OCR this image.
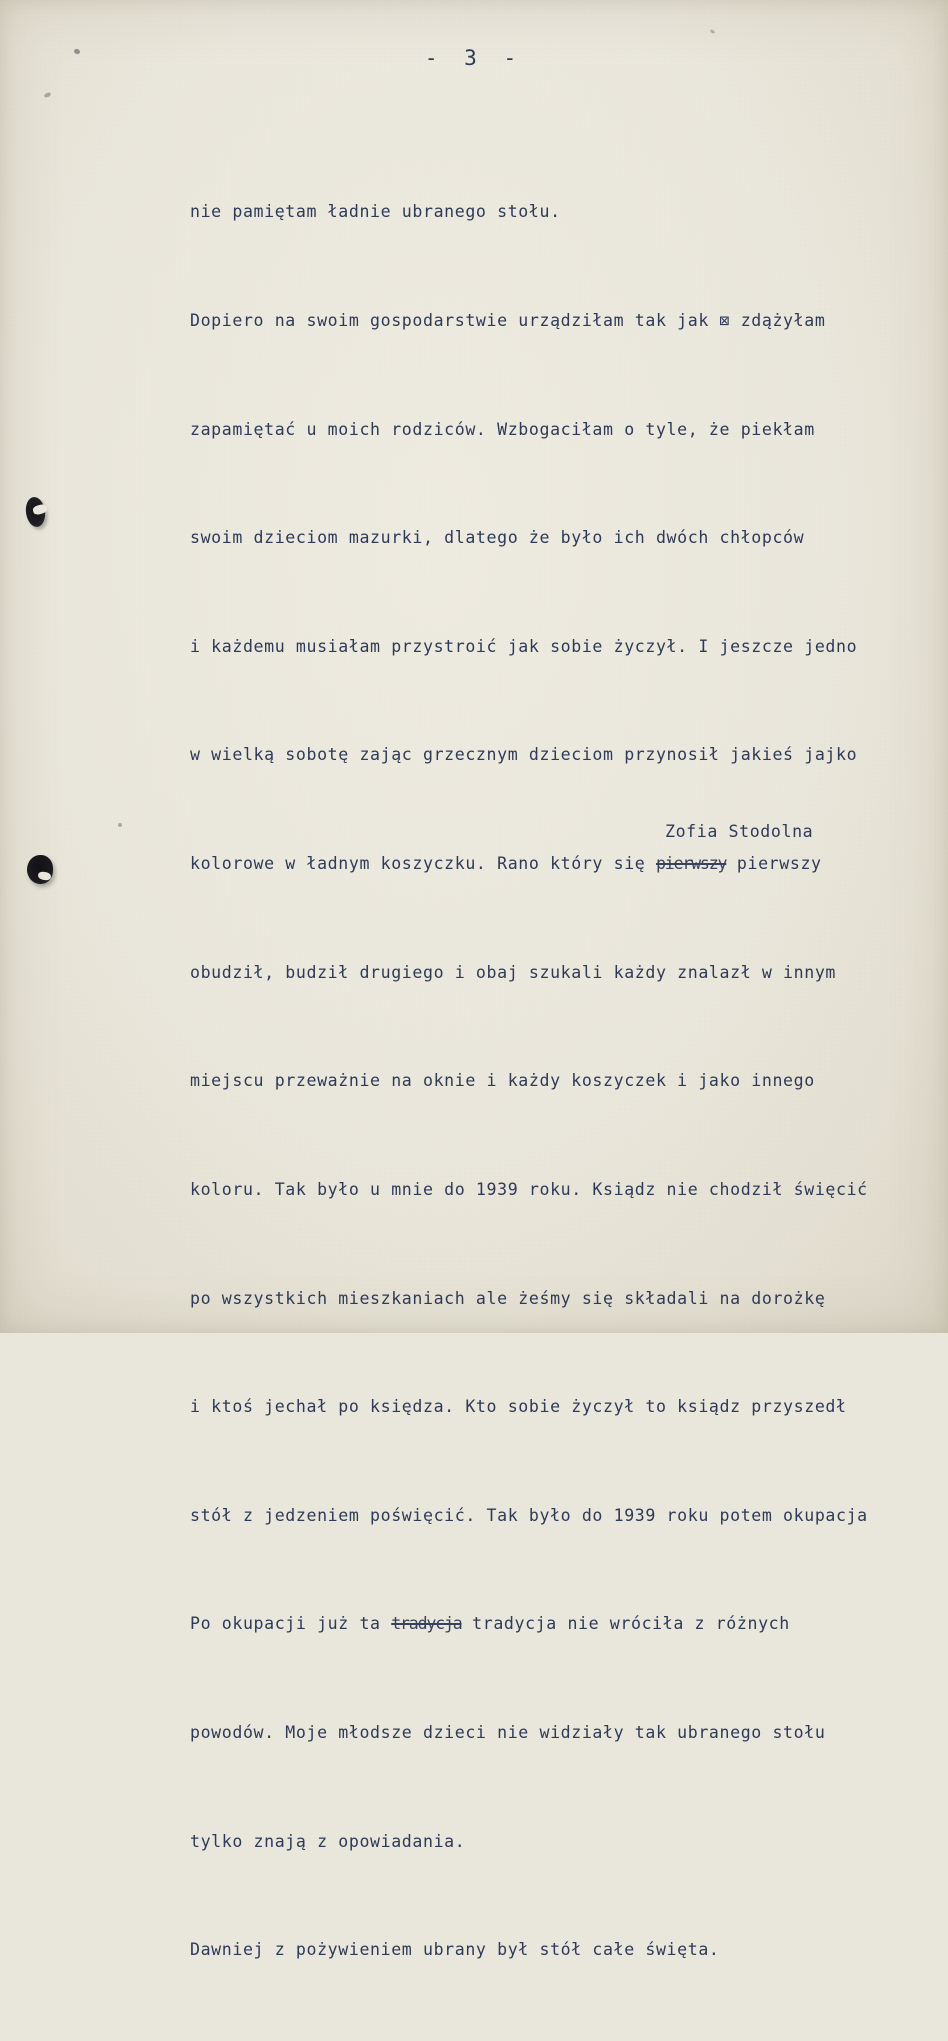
- 3 -

nie pamiętam ładnie ubranego stołu.

Dopiero na swoim gospodarstwie urządziłam tak jak ⊠ zdążyłam

zapamiętać u moich rodziców. Wzbogaciłam o tyle, że piekłam

swoim dzieciom mazurki, dlatego że było ich dwóch chłopców

i każdemu musiałam przystroić jak sobie życzył. I jeszcze jedno

w wielką sobotę zając grzecznym dzieciom przynosił jakieś jajko

kolorowe w ładnym koszyczku. Rano który się pierwszy pierwszy

obudził, budził drugiego i obaj szukali każdy znalazł w innym

miejscu przeważnie na oknie i każdy koszyczek i jako innego

koloru. Tak było u mnie do 1939 roku. Ksiądz nie chodził święcić

po wszystkich mieszkaniach ale żeśmy się składali na dorożkę

i ktoś jechał po księdza. Kto sobie życzył to ksiądz przyszedł

stół z jedzeniem poświęcić. Tak było do 1939 roku potem okupacja

Po okupacji już ta tradycja tradycja nie wróciła z różnych

powodów. Moje młodsze dzieci nie widziały tak ubranego stołu

tylko znają z opowiadania.

Dawniej z pożywieniem ubrany był stół całe święta.

Zofia Stodolna
